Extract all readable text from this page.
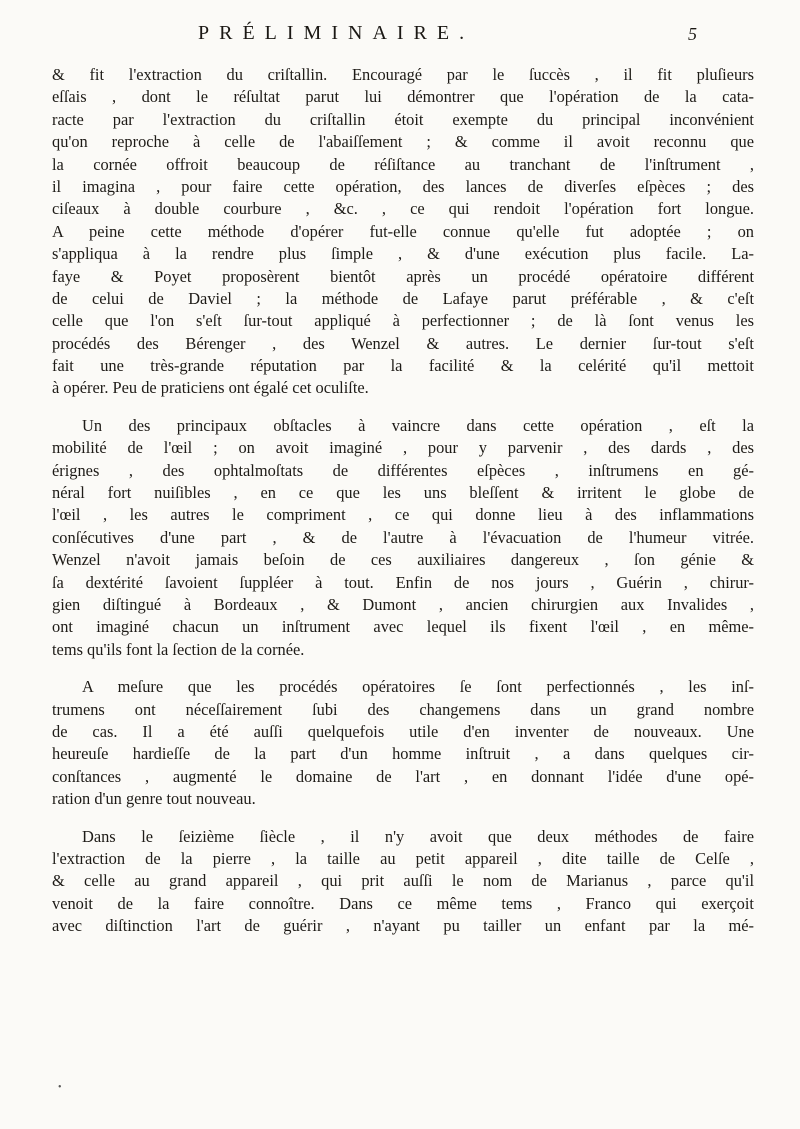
PRÉLIMINAIRE.	5
& fit l'extraction du criſtallin. Encouragé par le ſuccès , il fit pluſieurs
eſſais , dont le réſultat parut lui démontrer que l'opération de la cata-
racte par l'extraction du criſtallin étoit exempte du principal inconvénient
qu'on reproche à celle de l'abaiſſement ; & comme il avoit reconnu que
la cornée offroit beaucoup de réſiſtance au tranchant de l'inſtrument ,
il imagina , pour faire cette opération, des lances de diverſes eſpèces ; des
ciſeaux à double courbure , &c. , ce qui rendoit l'opération fort longue.
A peine cette méthode d'opérer fut-elle connue qu'elle fut adoptée ; on
s'appliqua à la rendre plus ſimple , & d'une exécution plus facile. La-
faye & Poyet proposèrent bientôt après un procédé opératoire différent
de celui de Daviel ; la méthode de Lafaye parut préférable , & c'eſt
celle que l'on s'eſt ſur-tout appliqué à perfectionner ; de là ſont venus les
procédés des Bérenger , des Wenzel & autres. Le dernier ſur-tout s'eſt
fait une très-grande réputation par la facilité & la celérité qu'il mettoit
à opérer. Peu de praticiens ont égalé cet oculiſte.
Un des principaux obſtacles à vaincre dans cette opération , eſt la
mobilité de l'œil ; on avoit imaginé , pour y parvenir , des dards , des
érignes , des ophtalmoſtats de différentes eſpèces , inſtrumens en gé-
néral fort nuiſibles , en ce que les uns bleſſent & irritent le globe de
l'œil , les autres le compriment , ce qui donne lieu à des inflammations
conſécutives d'une part , & de l'autre à l'évacuation de l'humeur vitrée.
Wenzel n'avoit jamais beſoin de ces auxiliaires dangereux , ſon génie &
ſa dextérité ſavoient ſuppléer à tout. Enfin de nos jours , Guérin , chirur-
gien diſtingué à Bordeaux , & Dumont , ancien chirurgien aux Invalides ,
ont imaginé chacun un inſtrument avec lequel ils fixent l'œil , en même-
tems qu'ils font la ſection de la cornée.
A meſure que les procédés opératoires ſe ſont perfectionnés , les inſ-
trumens ont néceſſairement ſubi des changemens dans un grand nombre
de cas. Il a été auſſi quelquefois utile d'en inventer de nouveaux. Une
heureuſe hardieſſe de la part d'un homme inſtruit , a dans quelques cir-
conſtances , augmenté le domaine de l'art , en donnant l'idée d'une opé-
ration d'un genre tout nouveau.
Dans le ſeizième ſiècle , il n'y avoit que deux méthodes de faire
l'extraction de la pierre , la taille au petit appareil , dite taille de Celſe ,
& celle au grand appareil , qui prit auſſi le nom de Marianus , parce qu'il
venoit de la faire connoître. Dans ce même tems , Franco qui exerçoit
avec diſtinction l'art de guérir , n'ayant pu tailler un enfant par la mé-
•
